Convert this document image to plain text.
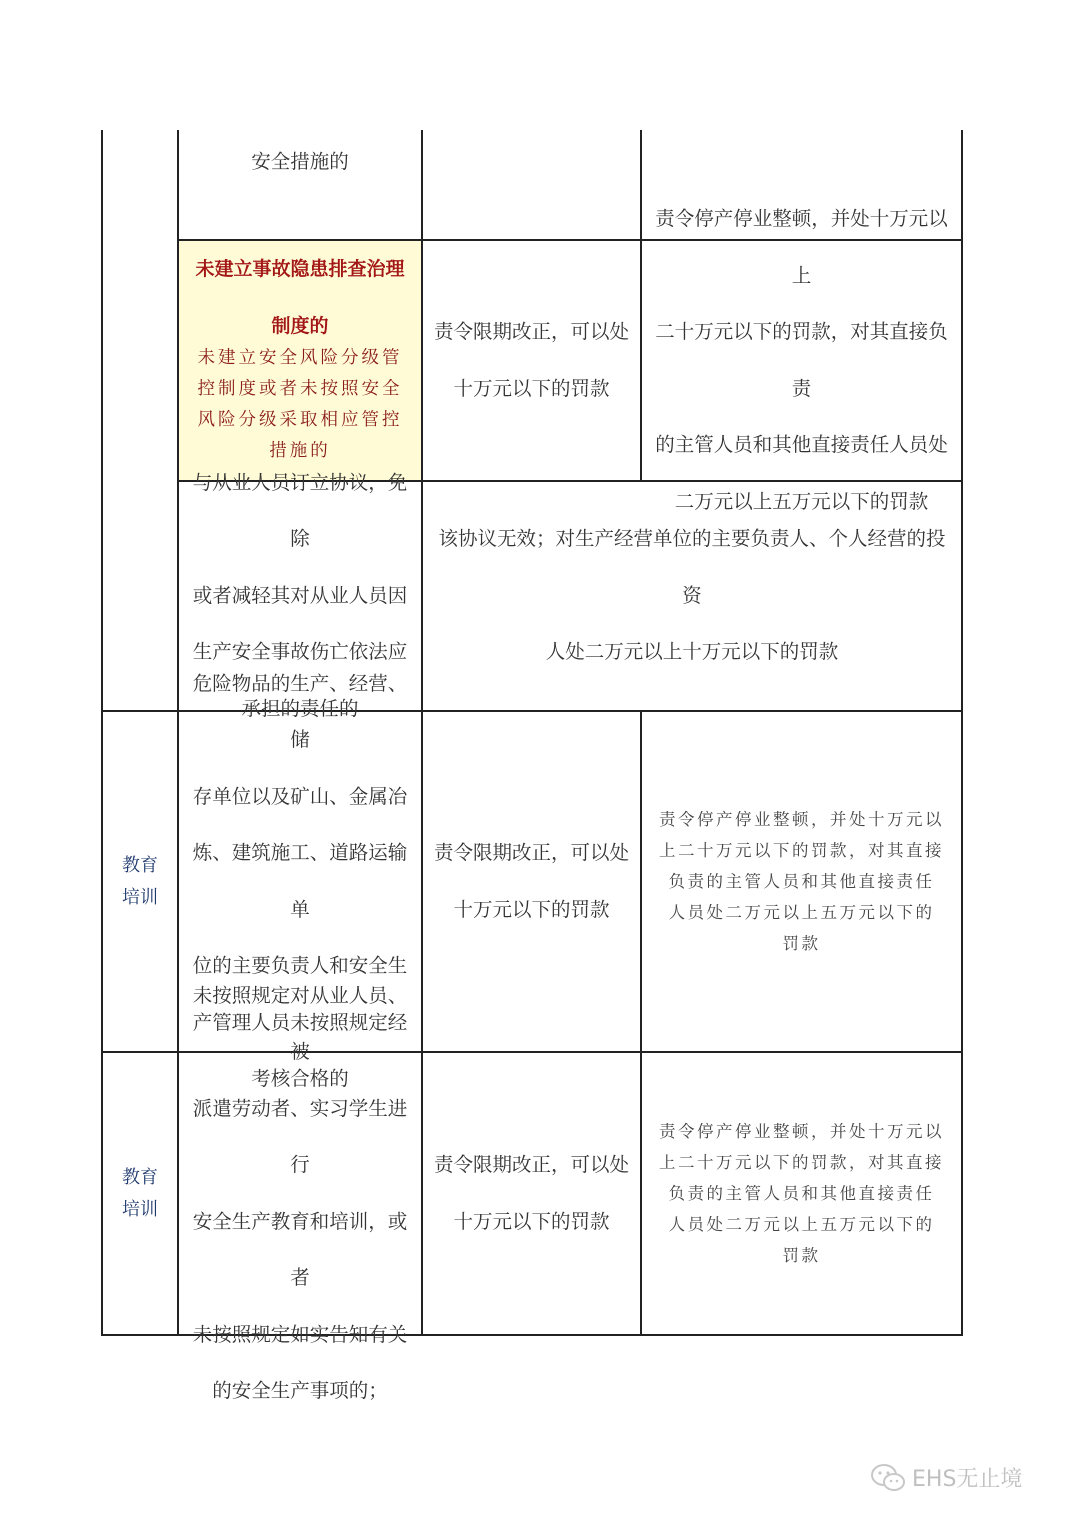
安全措施的

未建立事故隐患排查治理
制度的
未建立安全风险分级管
控制度或者未按照安全
风险分级采取相应管控
措施的

责令限期改正，可以处

十万元以下的罚款

责令停产停业整顿，并处十万元以上

二十万元以下的罚款，对其直接负责

的主管人员和其他直接责任人员处

二万元以上五万元以下的罚款

与从业人员订立协议，免除

或者减轻其对从业人员因

生产安全事故伤亡依法应

承担的责任的

该协议无效；对生产经营单位的主要负责人、个人经营的投资

人处二万元以上十万元以下的罚款

教育
培训

危险物品的生产、经营、储

存单位以及矿山、金属冶

炼、建筑施工、道路运输单

位的主要负责人和安全生

产管理人员未按照规定经

考核合格的

责令限期改正，可以处

十万元以下的罚款

责令停产停业整顿，并处十万元以
上二十万元以下的罚款，对其直接
负责的主管人员和其他直接责任
人员处二万元以上五万元以下的
罚款
教育
培训

未按照规定对从业人员、被

派遣劳动者、实习学生进行

安全生产教育和培训，或者

未按照规定如实告知有关

的安全生产事项的；

责令限期改正，可以处

十万元以下的罚款

责令停产停业整顿，并处十万元以
上二十万元以下的罚款，对其直接
负责的主管人员和其他直接责任
人员处二万元以上五万元以下的
罚款
EHS无止境
